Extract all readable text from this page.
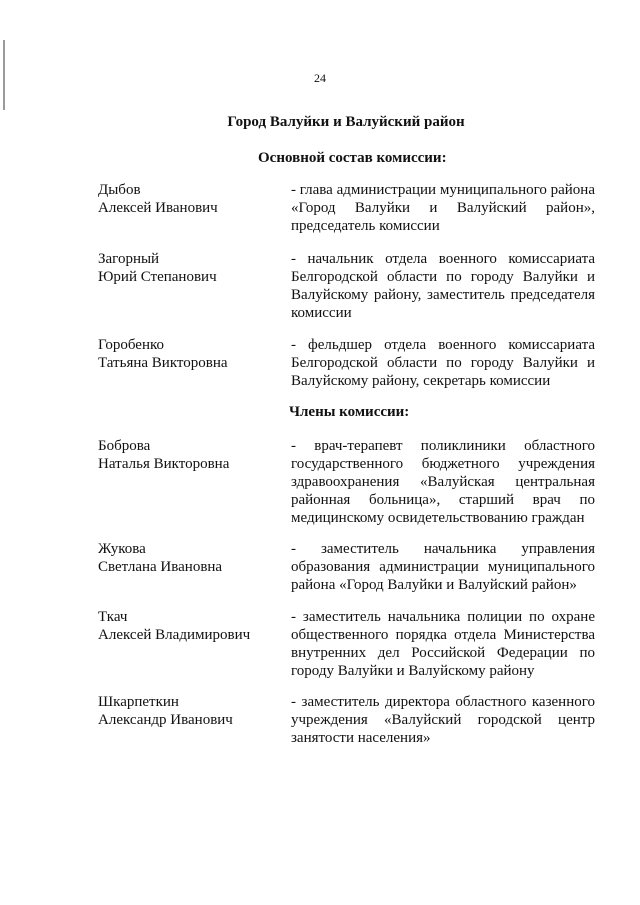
24
Город Валуйки и Валуйский район
Основной состав комиссии:
Дыбов
Алексей Иванович
- глава администрации муниципального района «Город Валуйки и Валуйский район», председатель комиссии
Загорный
Юрий Степанович
- начальник отдела военного комиссариата Белгородской области по городу Валуйки и Валуйскому району, заместитель председателя комиссии
Горобенко
Татьяна Викторовна
- фельдшер отдела военного комиссариата Белгородской области по городу Валуйки и Валуйскому району, секретарь комиссии
Члены комиссии:
Боброва
Наталья Викторовна
- врач-терапевт поликлиники областного государственного бюджетного учреждения здравоохранения «Валуйская центральная районная больница», старший врач по медицинскому освидетельствованию граждан
Жукова
Светлана Ивановна
- заместитель начальника управления образования администрации муниципального района «Город Валуйки и Валуйский район»
Ткач
Алексей Владимирович
- заместитель начальника полиции по охране общественного порядка отдела Министерства внутренних дел Российской Федерации по городу Валуйки и Валуйскому району
Шкарпеткин
Александр Иванович
- заместитель директора областного казенного учреждения «Валуйский городской центр занятости населения»
